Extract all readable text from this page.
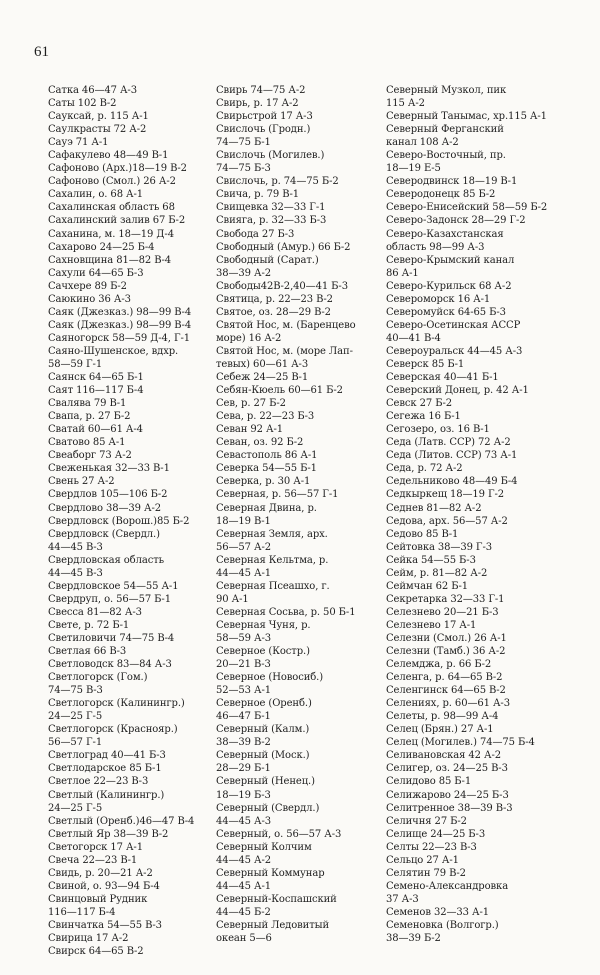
61
Сатка 46—47 А-3
Саты 102 В-2
Сауксай, р. 115 А-1
Саулкрасты 72 А-2
Сауэ 71 А-1
Сафакулево 48—49 В-1
Сафоново (Арх.)18—19 В-2
Сафоново (Смол.) 26 А-2
Сахалин, о. 68 А-1
Сахалинская область 68
Сахалинский залив 67 Б-2
Саханина, м. 18—19 Д-4
Сахарово 24—25 Б-4
Сахновщина 81—82 В-4
Сахули 64—65 Б-3
Сачхере 89 Б-2
Саюкино 36 А-3
Саяк (Джезказ.) 98—99 В-4
Саяк (Джезказ.) 98—99 В-4
Саяногорск 58—59 Д-4, Г-1
Саяно-Шушенское, вдхр.
58—59 Г-1
Саянск 64—65 Б-1
Саят 116—117 Б-4
Свалява 79 В-1
Свапа, р. 27 Б-2
Сватай 60—61 А-4
Сватово 85 А-1
Свеаборг 73 А-2
Свеженькая 32—33 В-1
Свень 27 А-2
Свердлов 105—106 Б-2
Свердлово 38—39 А-2
Свердловск (Ворош.)85 Б-2
Свердловск (Свердл.)
44—45 В-3
Свердловская область
44—45 В-3
Свердловское 54—55 А-1
Свердруп, о. 56—57 Б-1
Свесса 81—82 А-3
Свете, р. 72 Б-1
Светиловичи 74—75 В-4
Светлая 66 В-3
Светловодск 83—84 А-3
Светлогорск (Гом.)
74—75 В-3
Светлогорск (Калинингр.)
24—25 Г-5
Светлогорск (Краснояр.)
56—57 Г-1
Светлоград 40—41 Б-3
Светлодарское 85 Б-1
Светлое 22—23 В-3
Светлый (Калинингр.)
24—25 Г-5
Светлый (Оренб.)46—47 В-4
Светлый Яр 38—39 В-2
Светогорск 17 А-1
Свеча 22—23 В-1
Свидь, р. 20—21 А-2
Свиной, о. 93—94 Б-4
Свинцовый Рудник
116—117 Б-4
Свинчатка 54—55 В-3
Свирица 17 А-2
Свирск 64—65 В-2
Свирь 74—75 А-2
Свирь, р. 17 А-2
Свирьстрой 17 А-3
Свислочь (Гродн.)
74—75 Б-1
Свислочь (Могилев.)
74—75 Б-3
Свислочь, р. 74—75 Б-2
Свича, р. 79 В-1
Свищевка 32—33 Г-1
Свияга, р. 32—33 Б-3
Свобода 27 Б-3
Свободный (Амур.) 66 Б-2
Свободный (Сарат.)
38—39 А-2
Свободы42В-2,40—41 Б-3
Святица, р. 22—23 В-2
Святое, оз. 28—29 В-2
Святой Нос, м. (Баренцево
море) 16 А-2
Святой Нос, м. (море Лап-
тевых) 60—61 А-3
Себеж 24—25 В-1
Себян-Кюель 60—61 Б-2
Сев, р. 27 Б-2
Сева, р. 22—23 Б-3
Севан 92 А-1
Севан, оз. 92 Б-2
Севастополь 86 А-1
Северка 54—55 Б-1
Северка, р. 30 А-1
Северная, р. 56—57 Г-1
Северная Двина, р.
18—19 В-1
Северная Земля, арх.
56—57 А-2
Северная Кельтма, р.
44—45 А-1
Северная Псеашхо, г.
90 А-1
Северная Сосьва, р. 50 Б-1
Северная Чуня, р.
58—59 А-3
Северное (Костр.)
20—21 В-3
Северное (Новосиб.)
52—53 А-1
Северное (Оренб.)
46—47 Б-1
Северный (Калм.)
38—39 В-2
Северный (Моск.)
28—29 Б-1
Северный (Ненец.)
18—19 Б-3
Северный (Свердл.)
44—45 А-3
Северный, о. 56—57 А-3
Северный Колчим
44—45 А-2
Северный Коммунар
44—45 А-1
Северный-Коспашский
44—45 Б-2
Северный Ледовитый
океан 5—6
Северный Музкол, пик
115 А-2
Северный Танымас, хр.115 А-1
Северный Ферганский
канал 108 А-2
Северо-Восточный, пр.
18—19 Е-5
Северодвинск 18—19 В-1
Северодонецк 85 Б-2
Северо-Енисейский 58—59 Б-2
Северо-Задонск 28—29 Г-2
Северо-Казахстанская
область 98—99 А-3
Северо-Крымский канал
86 А-1
Северо-Курильск 68 А-2
Североморск 16 А-1
Северомуйск 64-65 Б-3
Северо-Осетинская АССР
40—41 В-4
Североуральск 44—45 А-3
Северск 85 Б-1
Северская 40—41 Б-1
Северский Донец, р. 42 А-1
Севск 27 Б-2
Сегежа 16 Б-1
Сегозеро, оз. 16 В-1
Седа (Латв. ССР) 72 А-2
Седа (Литов. ССР) 73 А-1
Седа, р. 72 А-2
Седельниково 48—49 Б-4
Седкыркещ 18—19 Г-2
Седнев 81—82 А-2
Седова, арх. 56—57 А-2
Седово 85 В-1
Сейтовка 38—39 Г-3
Сейка 54—55 Б-3
Сейм, р. 81—82 А-2
Сеймчан 62 Б-1
Секретарка 32—33 Г-1
Селезнево 20—21 Б-3
Селезнево 17 А-1
Селезни (Смол.) 26 А-1
Селезни (Тамб.) 36 А-2
Селемджа, р. 66 Б-2
Селенга, р. 64—65 В-2
Селенгинск 64—65 В-2
Селениях, р. 60—61 А-3
Селеты, р. 98—99 А-4
Селец (Брян.) 27 А-1
Селец (Могилев.) 74—75 Б-4
Селивановская 42 А-2
Селигер, оз. 24—25 В-3
Селидово 85 Б-1
Селижарово 24—25 Б-3
Селитренное 38—39 В-3
Селичня 27 Б-2
Селище 24—25 Б-3
Селты 22—23 В-3
Сельцо 27 А-1
Селятин 79 В-2
Семено-Александровка
37 А-3
Семенов 32—33 А-1
Семеновка (Волгогр.)
38—39 Б-2
